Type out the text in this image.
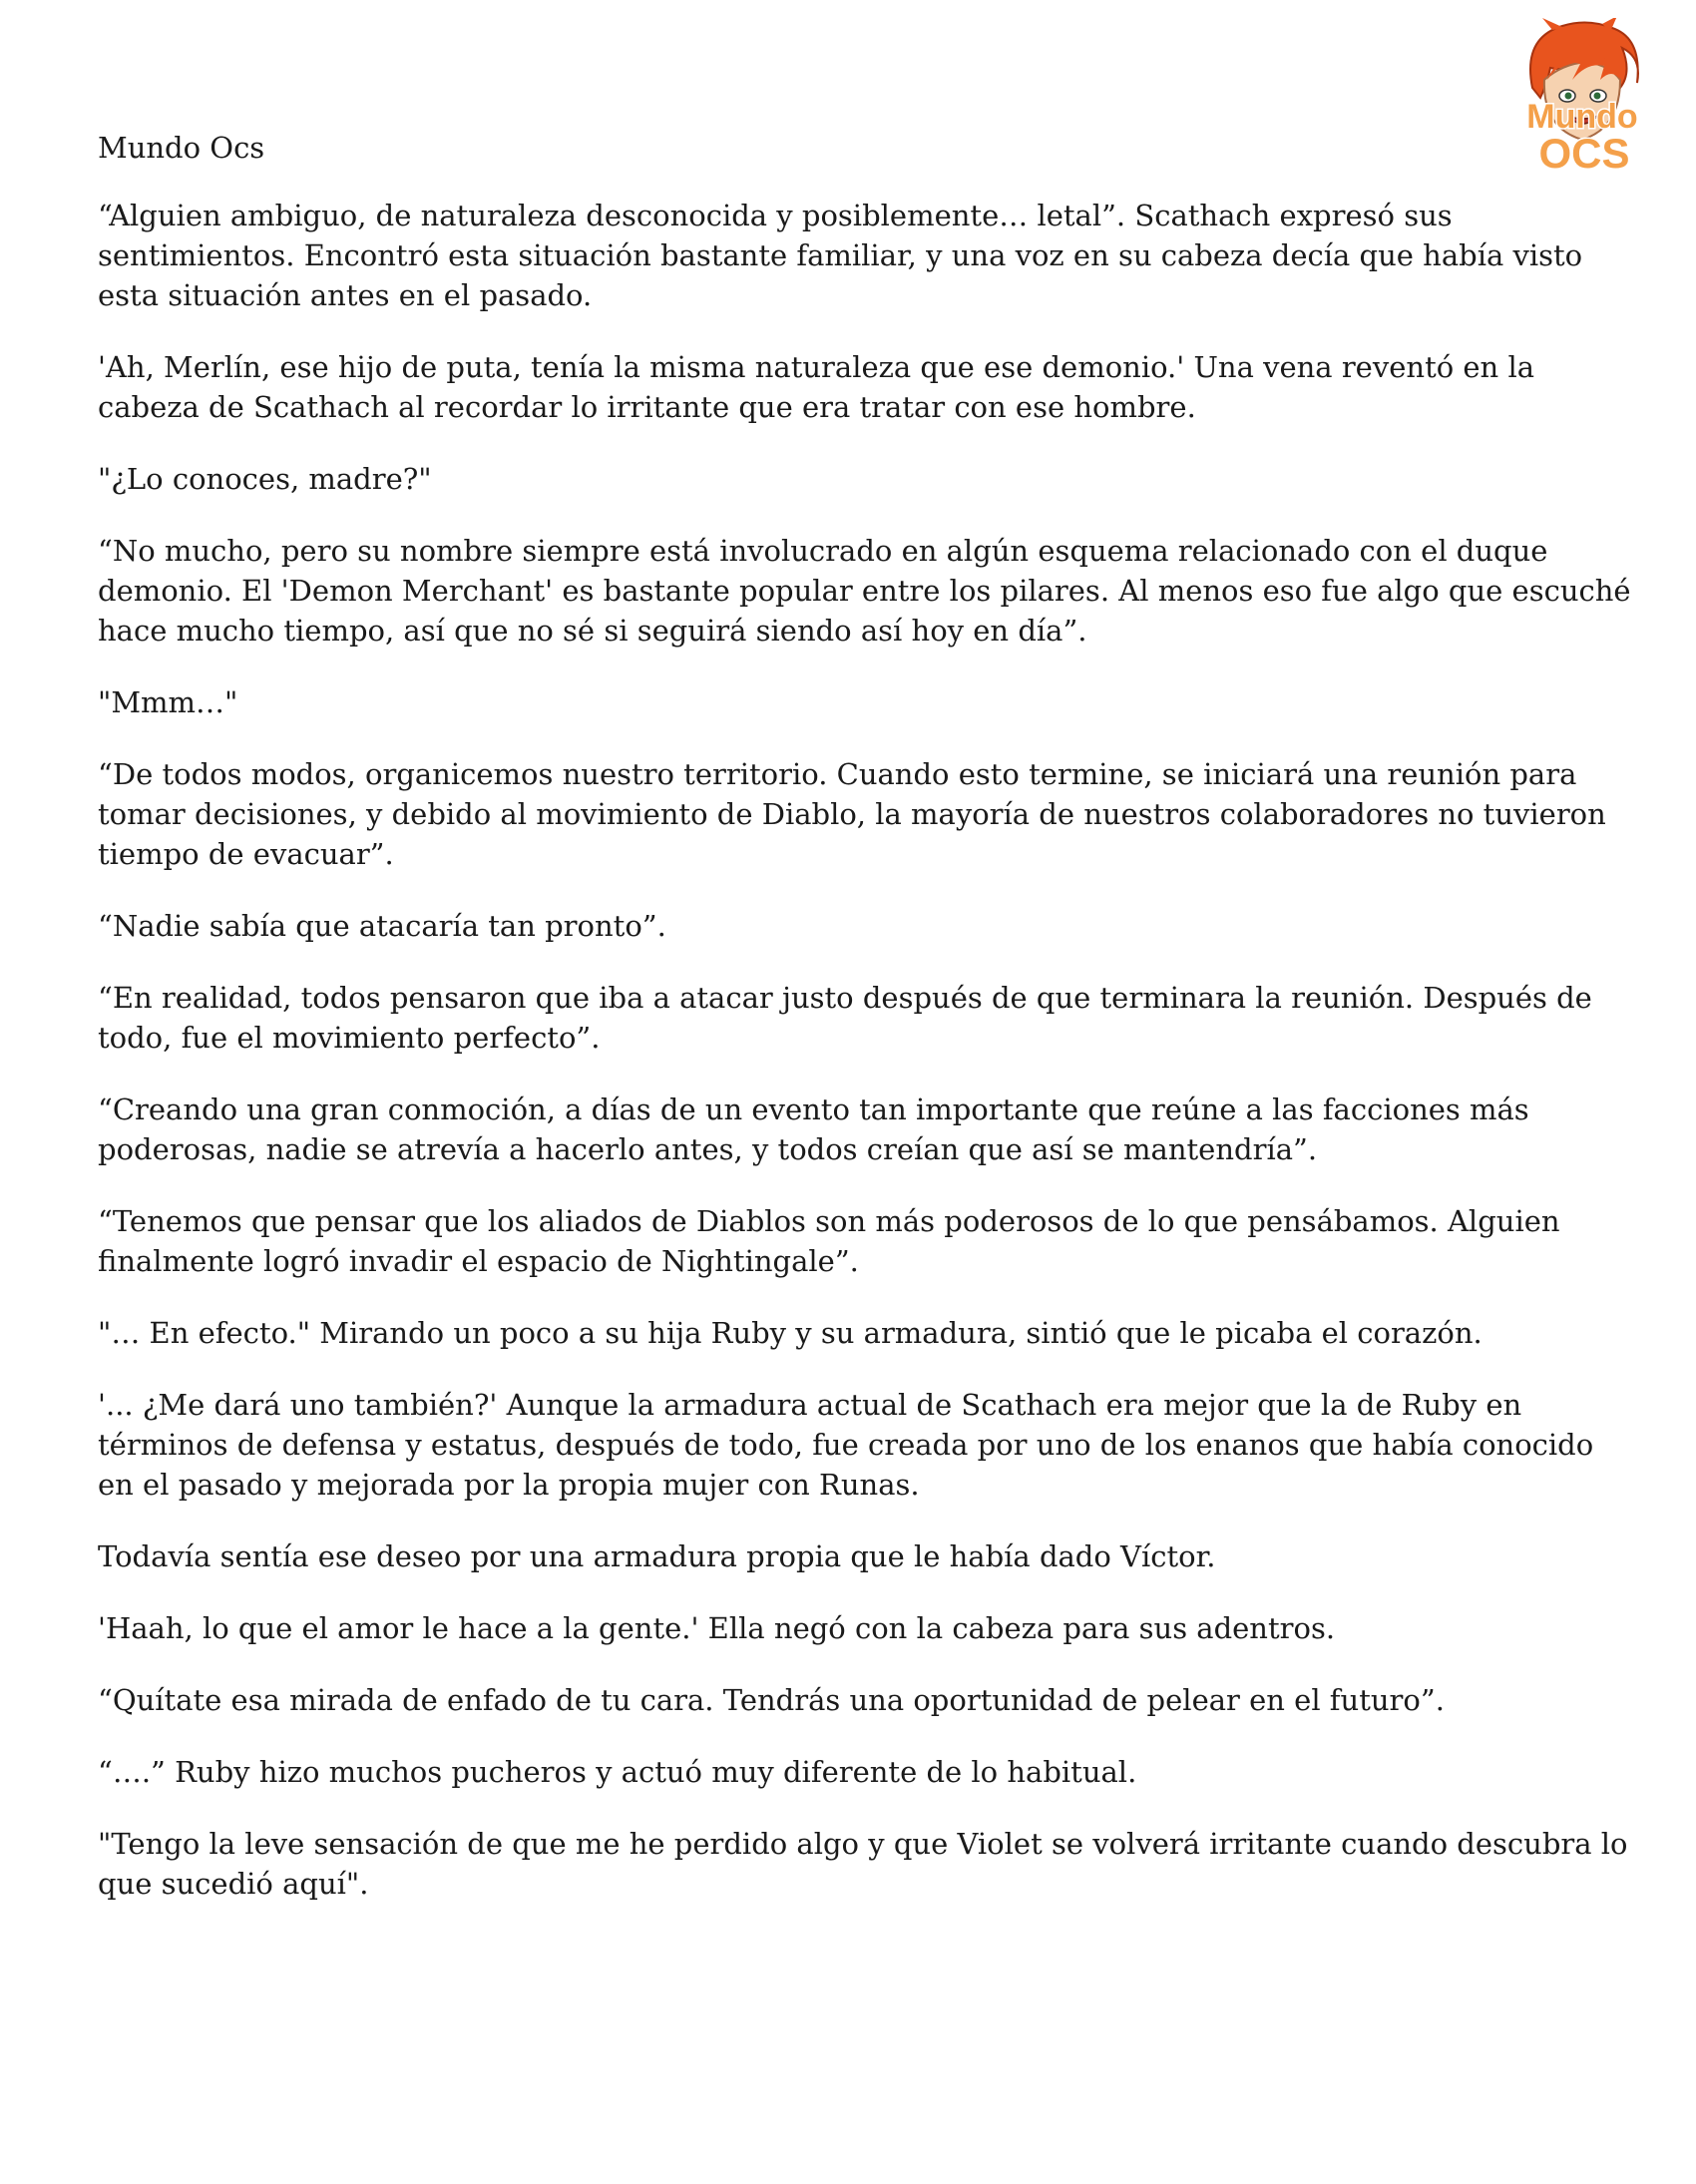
Mundo
OCS
Mundo Ocs

“Alguien ambiguo, de naturaleza desconocida y posiblemente… letal”. Scathach expresó sus sentimientos. Encontró esta situación bastante familiar, y una voz en su cabeza decía que había visto esta situación antes en el pasado.

'Ah, Merlín, ese hijo de puta, tenía la misma naturaleza que ese demonio.' Una vena reventó en la cabeza de Scathach al recordar lo irritante que era tratar con ese hombre.

"¿Lo conoces, madre?"

“No mucho, pero su nombre siempre está involucrado en algún esquema relacionado con el duque demonio. El 'Demon Merchant' es bastante popular entre los pilares. Al menos eso fue algo que escuché hace mucho tiempo, así que no sé si seguirá siendo así hoy en día”.

"Mmm…"

“De todos modos, organicemos nuestro territorio. Cuando esto termine, se iniciará una reunión para tomar decisiones, y debido al movimiento de Diablo, la mayoría de nuestros colaboradores no tuvieron tiempo de evacuar”.

“Nadie sabía que atacaría tan pronto”.

“En realidad, todos pensaron que iba a atacar justo después de que terminara la reunión. Después de todo, fue el movimiento perfecto”.

“Creando una gran conmoción, a días de un evento tan importante que reúne a las facciones más poderosas, nadie se atrevía a hacerlo antes, y todos creían que así se mantendría”.

“Tenemos que pensar que los aliados de Diablos son más poderosos de lo que pensábamos. Alguien finalmente logró invadir el espacio de Nightingale”.

"… En efecto." Mirando un poco a su hija Ruby y su armadura, sintió que le picaba el corazón.

'... ¿Me dará uno también?' Aunque la armadura actual de Scathach era mejor que la de Ruby en términos de defensa y estatus, después de todo, fue creada por uno de los enanos que había conocido en el pasado y mejorada por la propia mujer con Runas.

Todavía sentía ese deseo por una armadura propia que le había dado Víctor.

'Haah, lo que el amor le hace a la gente.' Ella negó con la cabeza para sus adentros.

“Quítate esa mirada de enfado de tu cara. Tendrás una oportunidad de pelear en el futuro”.

“….” Ruby hizo muchos pucheros y actuó muy diferente de lo habitual.

"Tengo la leve sensación de que me he perdido algo y que Violet se volverá irritante cuando descubra lo que sucedió aquí".
